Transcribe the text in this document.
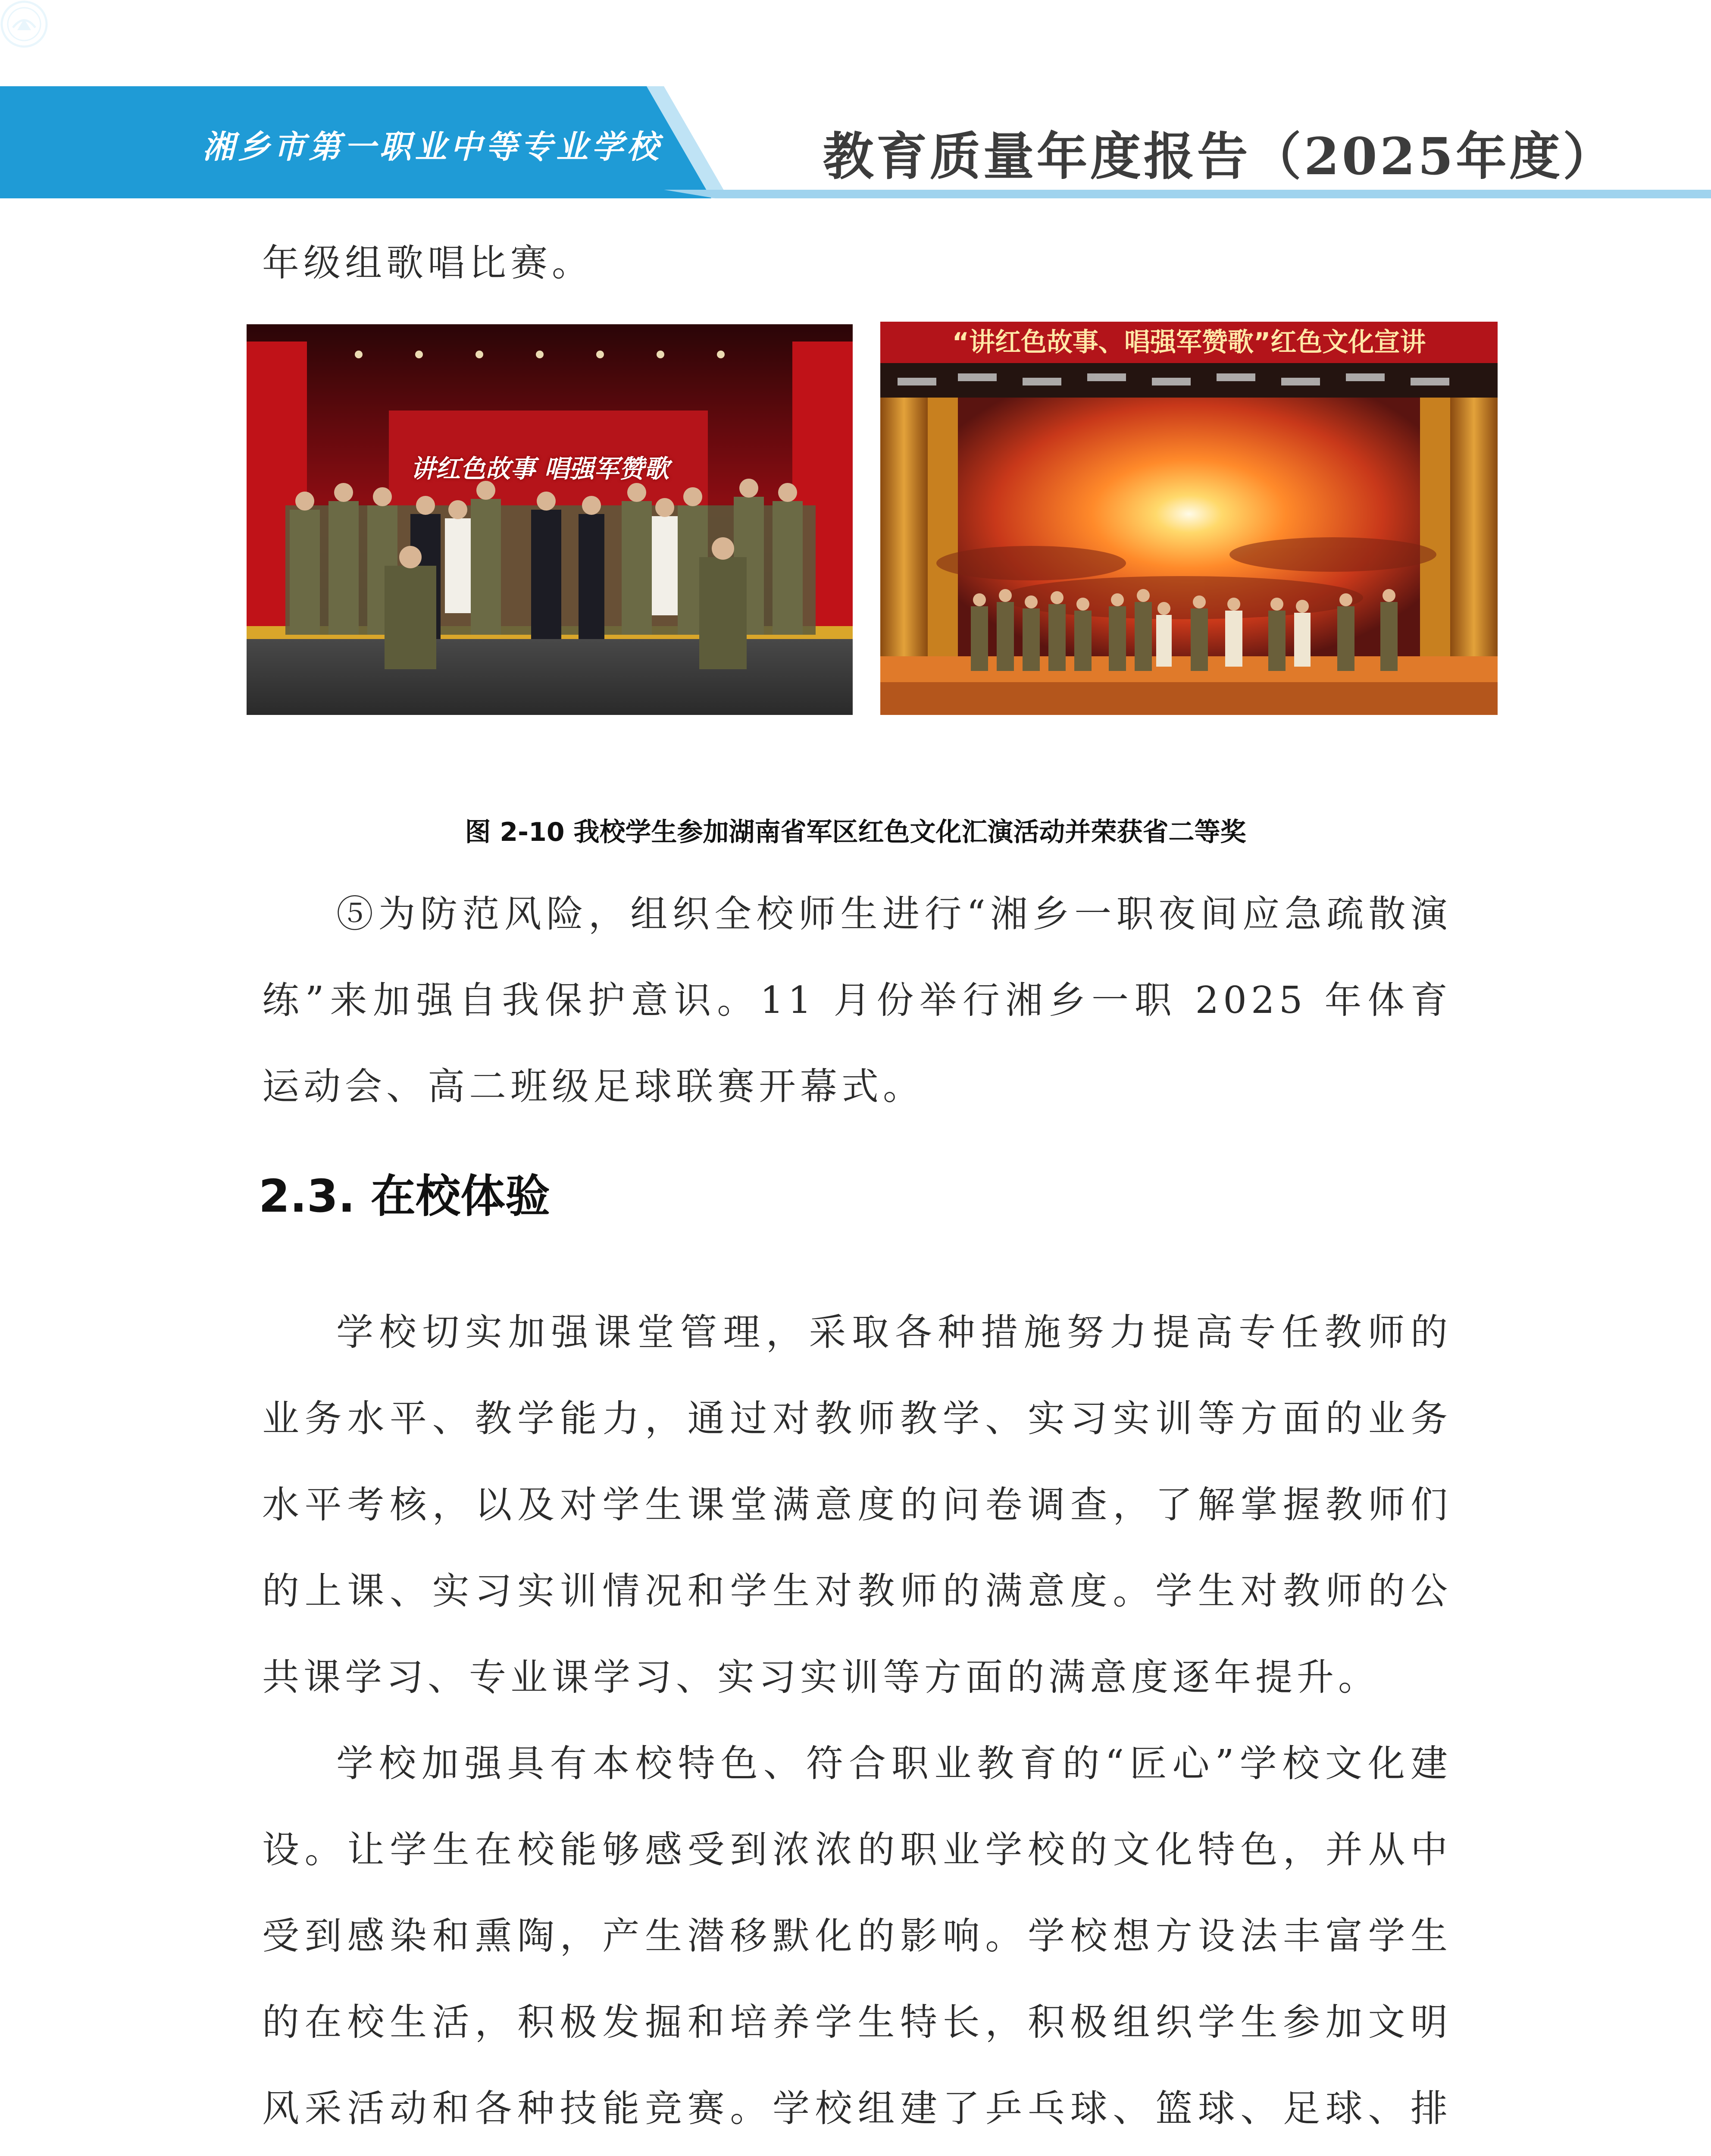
湘乡市第一职业中等专业学校	教育质量年度报告（2025年度）

年级组歌唱比赛。

讲红色故事 唱强军赞歌
“讲红色故事、唱强军赞歌”红色文化宣讲
图 2-10 我校学生参加湖南省军区红色文化汇演活动并荣获省二等奖

⑤为防范风险，组织全校师生进行“湘乡一职夜间应急疏散演练”来加强自我保护意识。11 月份举行湘乡一职 2025 年体育运动会、高二班级足球联赛开幕式。

2.3. 在校体验

学校切实加强课堂管理，采取各种措施努力提高专任教师的业务水平、教学能力，通过对教师教学、实习实训等方面的业务水平考核，以及对学生课堂满意度的问卷调查，了解掌握教师们的上课、实习实训情况和学生对教师的满意度。学生对教师的公共课学习、专业课学习、实习实训等方面的满意度逐年提升。

学校加强具有本校特色、符合职业教育的“匠心”学校文化建设。让学生在校能够感受到浓浓的职业学校的文化特色，并从中受到感染和熏陶，产生潜移默化的影响。学校想方设法丰富学生的在校生活，积极发掘和培养学生特长，积极组织学生参加文明风采活动和各种技能竞赛。学校组建了乒乓球、篮球、足球、排
